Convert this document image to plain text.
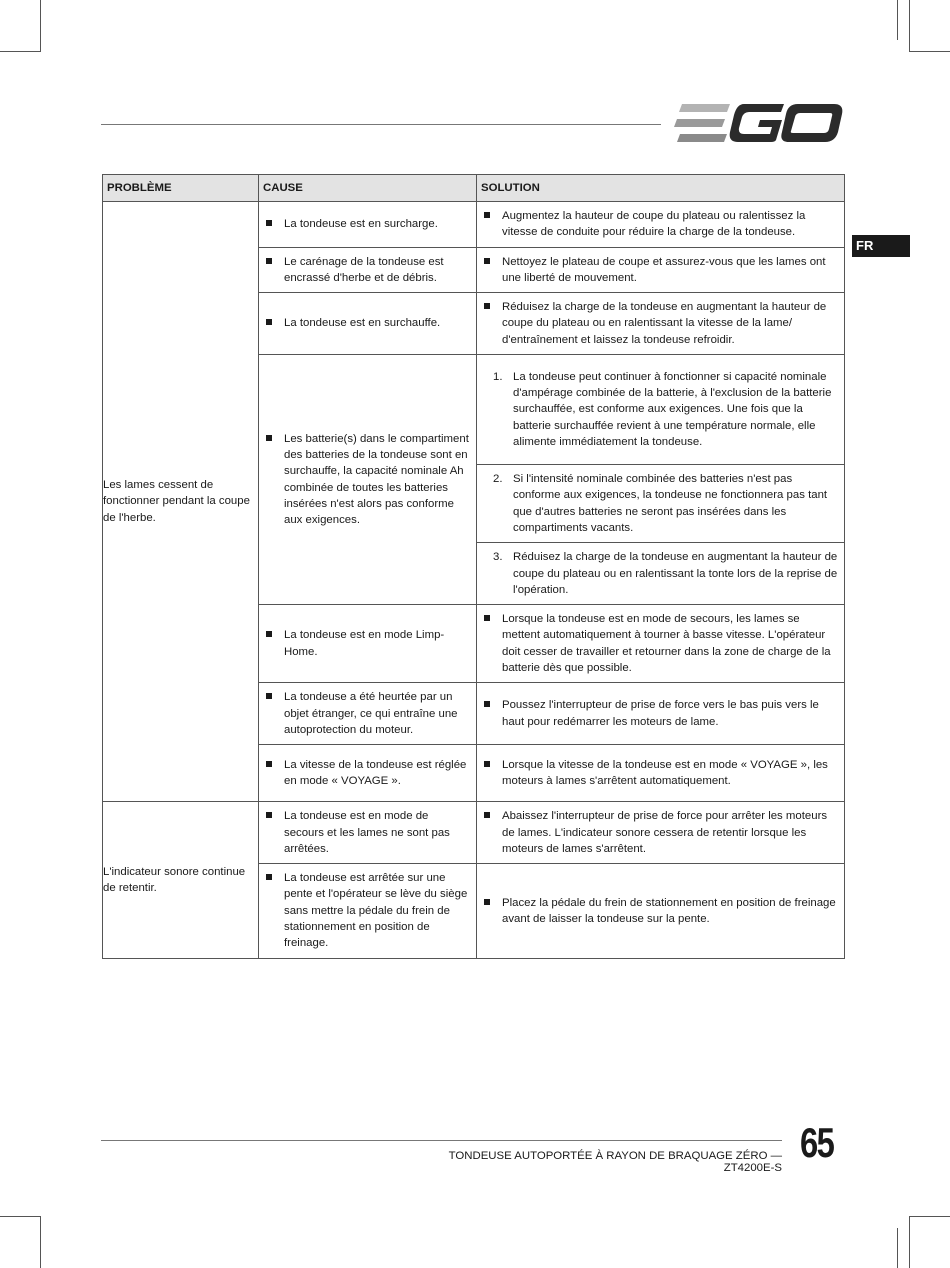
FR
PROBLÈME	CAUSE	SOLUTION
Les lames cessent de fonctionner pendant la coupe de l'herbe.	La tondeuse est en surcharge.	Augmentez la hauteur de coupe du plateau ou ralentissez la vitesse de conduite pour réduire la charge de la tondeuse.

	Le carénage de la tondeuse est encrassé d'herbe et de débris.	Nettoyez le plateau de coupe et assurez-vous que les lames ont une liberté de mouvement.

	La tondeuse est en surchauffe.	Réduisez la charge de la tondeuse en augmentant la hauteur de coupe du plateau ou en ralentissant la vitesse de la lame/ d'entraînement et laissez la tondeuse refroidir.

	Les batterie(s) dans le compartiment des batteries de la tondeuse sont en surchauffe, la capacité nominale Ah combinée de toutes les batteries insérées n'est alors pas conforme aux exigences.	1. La tondeuse peut continuer à fonctionner si capacité nominale d'ampérage combinée de la batterie, à l'exclusion de la batterie surchauffée, est conforme aux exigences. Une fois que la batterie surchauffée revient à une température normale, elle alimente immédiatement la tondeuse.

		2. Si l'intensité nominale combinée des batteries n'est pas conforme aux exigences, la tondeuse ne fonctionnera pas tant que d'autres batteries ne seront pas insérées dans les compartiments vacants.

		3. Réduisez la charge de la tondeuse en augmentant la hauteur de coupe du plateau ou en ralentissant la tonte lors de la reprise de l'opération.

	La tondeuse est en mode Limp-Home.	Lorsque la tondeuse est en mode de secours, les lames se mettent automatiquement à tourner à basse vitesse. L'opérateur doit cesser de travailler et retourner dans la zone de charge de la batterie dès que possible.

	La tondeuse a été heurtée par un objet étranger, ce qui entraîne une autoprotection du moteur.	Poussez l'interrupteur de prise de force vers le bas puis vers le haut pour redémarrer les moteurs de lame.

	La vitesse de la tondeuse est réglée en mode « VOYAGE ».	Lorsque la vitesse de la tondeuse est en mode « VOYAGE », les moteurs à lames s'arrêtent automatiquement.

L'indicateur sonore continue de retentir.	La tondeuse est en mode de secours et les lames ne sont pas arrêtées.	Abaissez l'interrupteur de prise de force pour arrêter les moteurs de lames. L'indicateur sonore cessera de retentir lorsque les moteurs de lames s'arrêtent.

	La tondeuse est arrêtée sur une pente et l'opérateur se lève du siège sans mettre la pédale du frein de stationnement en position de freinage.	Placez la pédale du frein de stationnement en position de freinage avant de laisser la tondeuse sur la pente.
TONDEUSE AUTOPORTÉE À RAYON DE BRAQUAGE ZÉRO — ZT4200E-S
65
